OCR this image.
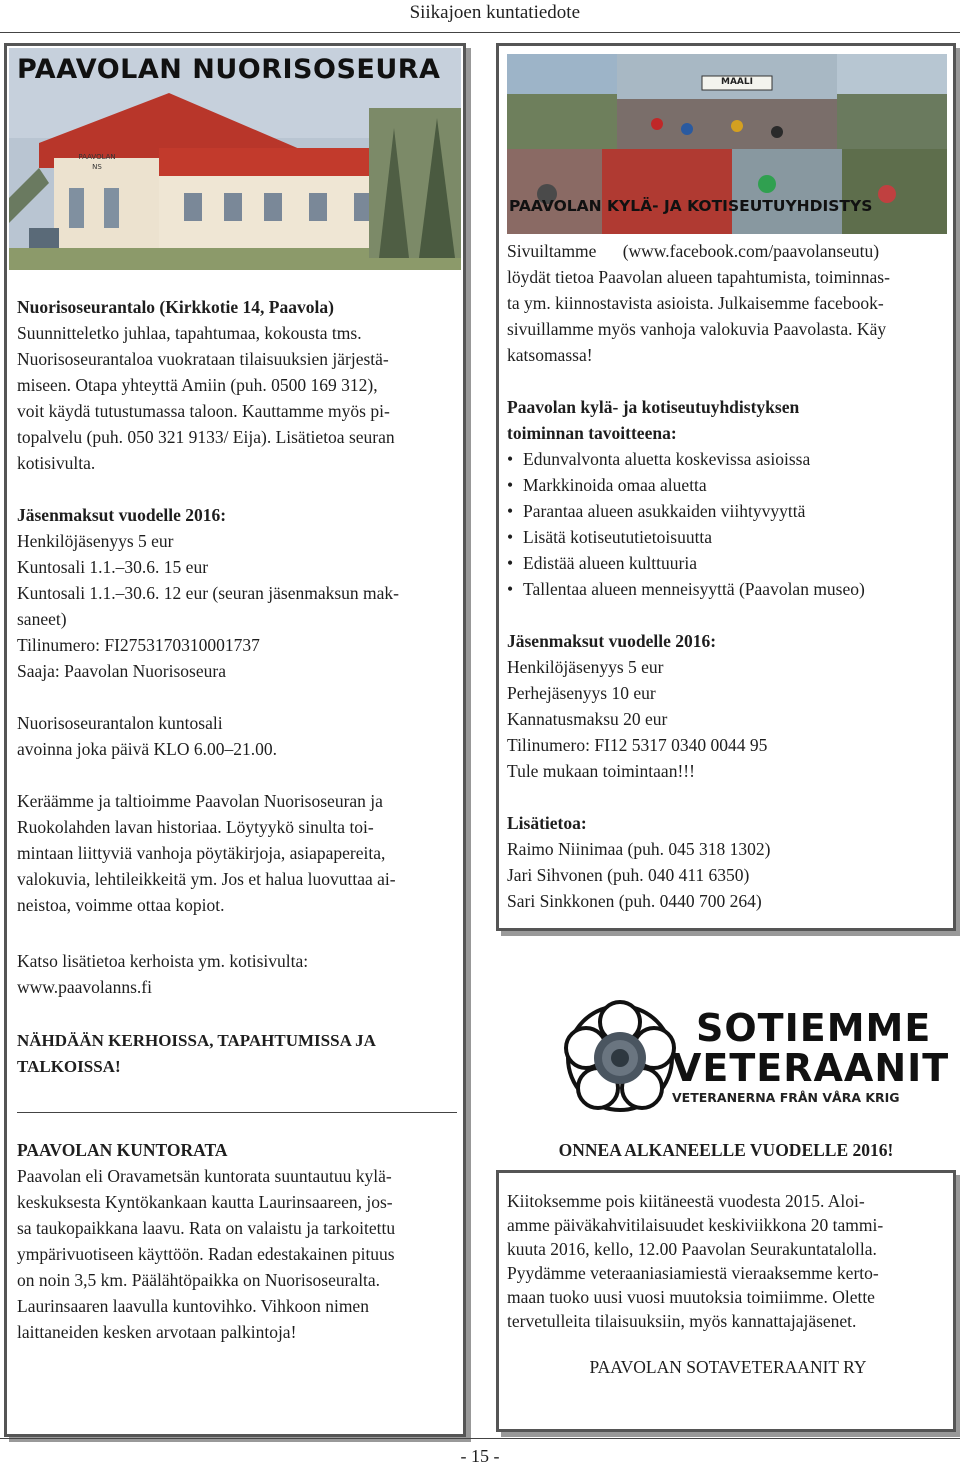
Siikajoen kuntatiedote
PAAVOLAN NUORISOSEURA
PAAVOLAN
NS

Nuorisoseurantalo (Kirkkotie 14, Paavola)

Suunnitteletko juhlaa, tapahtumaa, kokousta tms.

Nuorisoseurantaloa vuokrataan tilaisuuksien järjestä-

miseen. Otapa yhteyttä Amiin (puh. 0500 169 312),

voit käydä tutustumassa taloon. Kauttamme myös pi-

topalvelu (puh. 050 321 9133/ Eija). Lisätietoa seuran

kotisivulta.

Jäsenmaksut vuodelle 2016:

Henkilöjäsenyys 5 eur

Kuntosali 1.1.–30.6. 15 eur

Kuntosali 1.1.–30.6. 12 eur (seuran jäsenmaksun mak-

saneet)

Tilinumero: FI2753170310001737

Saaja: Paavolan Nuorisoseura

Nuorisoseurantalon kuntosali

avoinna joka päivä KLO 6.00–21.00.

Keräämme ja taltioimme Paavolan Nuorisoseuran ja

Ruokolahden lavan historiaa. Löytyykö sinulta toi-

mintaan liittyviä vanhoja pöytäkirjoja, asiapapereita,

valokuvia, lehtileikkeitä ym. Jos et halua luovuttaa ai-

neistoa, voimme ottaa kopiot.

Katso lisätietoa kerhoista ym. kotisivulta:

www.paavolanns.fi

NÄHDÄÄN KERHOISSA, TAPAHTUMISSA JA

TALKOISSA!

PAAVOLAN KUNTORATA

Paavolan eli Oravametsän kuntorata suuntautuu kylä-

keskuksesta Kyntökankaan kautta Laurinsaareen, jos-

sa taukopaikkana laavu. Rata on valaistu ja tarkoitettu

ympärivuotiseen käyttöön. Radan edestakainen pituus

on noin 3,5 km. Päälähtöpaikka on Nuorisoseuralta.

Laurinsaaren laavulla kuntovihko. Vihkoon nimen

laittaneiden kesken arvotaan palkintoja!

MAALI
PAAVOLAN KYLÄ- JA KOTISEUTUYHDISTYS

Sivuiltamme      (www.facebook.com/paavolanseutu)

löydät tietoa Paavolan alueen tapahtumista, toiminnas-

ta ym. kiinnostavista asioista. Julkaisemme facebook-

sivuillamme myös vanhoja valokuvia Paavolasta. Käy

katsomassa!

Paavolan kylä- ja kotiseutuyhdistyksen

toiminnan tavoitteena:

• Edunvalvonta aluetta koskevissa asioissa
• Markkinoida omaa aluetta
• Parantaa alueen asukkaiden viihtyvyyttä
• Lisätä kotiseututietoisuutta
• Edistää alueen kulttuuria
• Tallentaa alueen menneisyyttä (Paavolan museo)

Jäsenmaksut vuodelle 2016:

Henkilöjäsenyys 5 eur

Perhejäsenyys 10 eur

Kannatusmaksu 20 eur

Tilinumero: FI12 5317 0340 0044 95

Tule mukaan toimintaan!!!

Lisätietoa:

Raimo Niinimaa (puh. 045 318 1302)

Jari Sihvonen (puh. 040 411 6350)

Sari Sinkkonen (puh. 0440 700 264)

SOTIEMME
VETERAANIT
VETERANERNA FRÅN VÅRA KRIG
ONNEA ALKANEELLE VUODELLE 2016!

Kiitoksemme pois kiitäneestä vuodesta 2015. Aloi-

amme päiväkahvitilaisuudet keskiviikkona 20 tammi-

kuuta 2016, kello, 12.00 Paavolan Seurakuntatalolla.

Pyydämme veteraaniasiamiestä vieraaksemme kerto-

maan tuoko uusi vuosi muutoksia toimiimme. Olette

tervetulleita tilaisuuksiin, myös kannattajajäsenet.

PAAVOLAN SOTAVETERAANIT RY

- 15 -
